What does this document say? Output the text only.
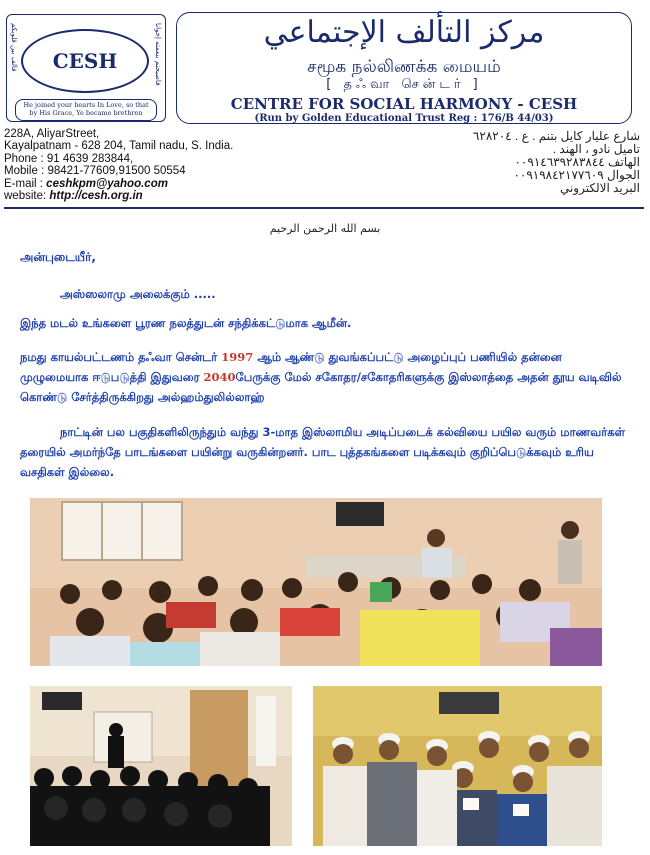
فألف بين قلوبكم	فأصبحتم بنعمته إخوانا
CESH
He joined your hearts In Love, so that by His Grace, Ye became brethren
مركز التألف الإجتماعي
சமூக நல்லிணக்க மையம்
[ தஃவா சென்டர் ]
CENTRE FOR SOCIAL HARMONY - CESH
(Run by Golden Educational Trust Reg : 176/B 44/03)
228A, AliyarStreet,
Kayalpatnam - 628 204, Tamil nadu, S. India.
Phone : 91 4639 283844,
Mobile : 98421-77609,91500 50554
E-mail : ceshkpm@yahoo.com
website: http://cesh.org.in
شارع عليار كايل بتنم . ع . ٦٢٨٢٠٤
تاميل نادو ، الهند .
الهاتف ٠٠٩١٤٦٣٩٢٨٣٨٤٤
الجوال ٠٠٩١٩٨٤٢١٧٧٦٠٩
البريد الالكتروني
بسم الله الرحمن الرحيم
அன்புடையீர்,
அஸ்ஸலாமு அலைக்கும் .....
இந்த மடல் உங்களை பூரண நலத்துடன் சந்திக்கட்டுமாக ஆமீன்.
நமது காயல்பட்டணம் தஃவா சென்டர் 1997 ஆம் ஆண்டு துவங்கப்பட்டு அழைப்புப் பணியில் தன்னை முழுமையாக ஈடுபடுத்தி இதுவரை 2040பேருக்கு மேல் சகோதர/சகோதரிகளுக்கு இஸ்லாத்தை அதன் தூய வடிவில் கொண்டு சேர்த்திருக்கிறது அல்ஹம்துலில்லாஹ்
நாட்டின் பல பகுதிகளிலிருந்தும் வந்து 3-மாத இஸ்லாமிய அடிப்படைக் கல்வியை பயில வரும் மாணவர்கள் தரையில் அமர்ந்தே பாடங்களை பயின்று வருகின்றனர். பாட புத்தகங்களை படிக்கவும் குறிப்பெடுக்கவும் உரிய வசதிகள் இல்லை.
